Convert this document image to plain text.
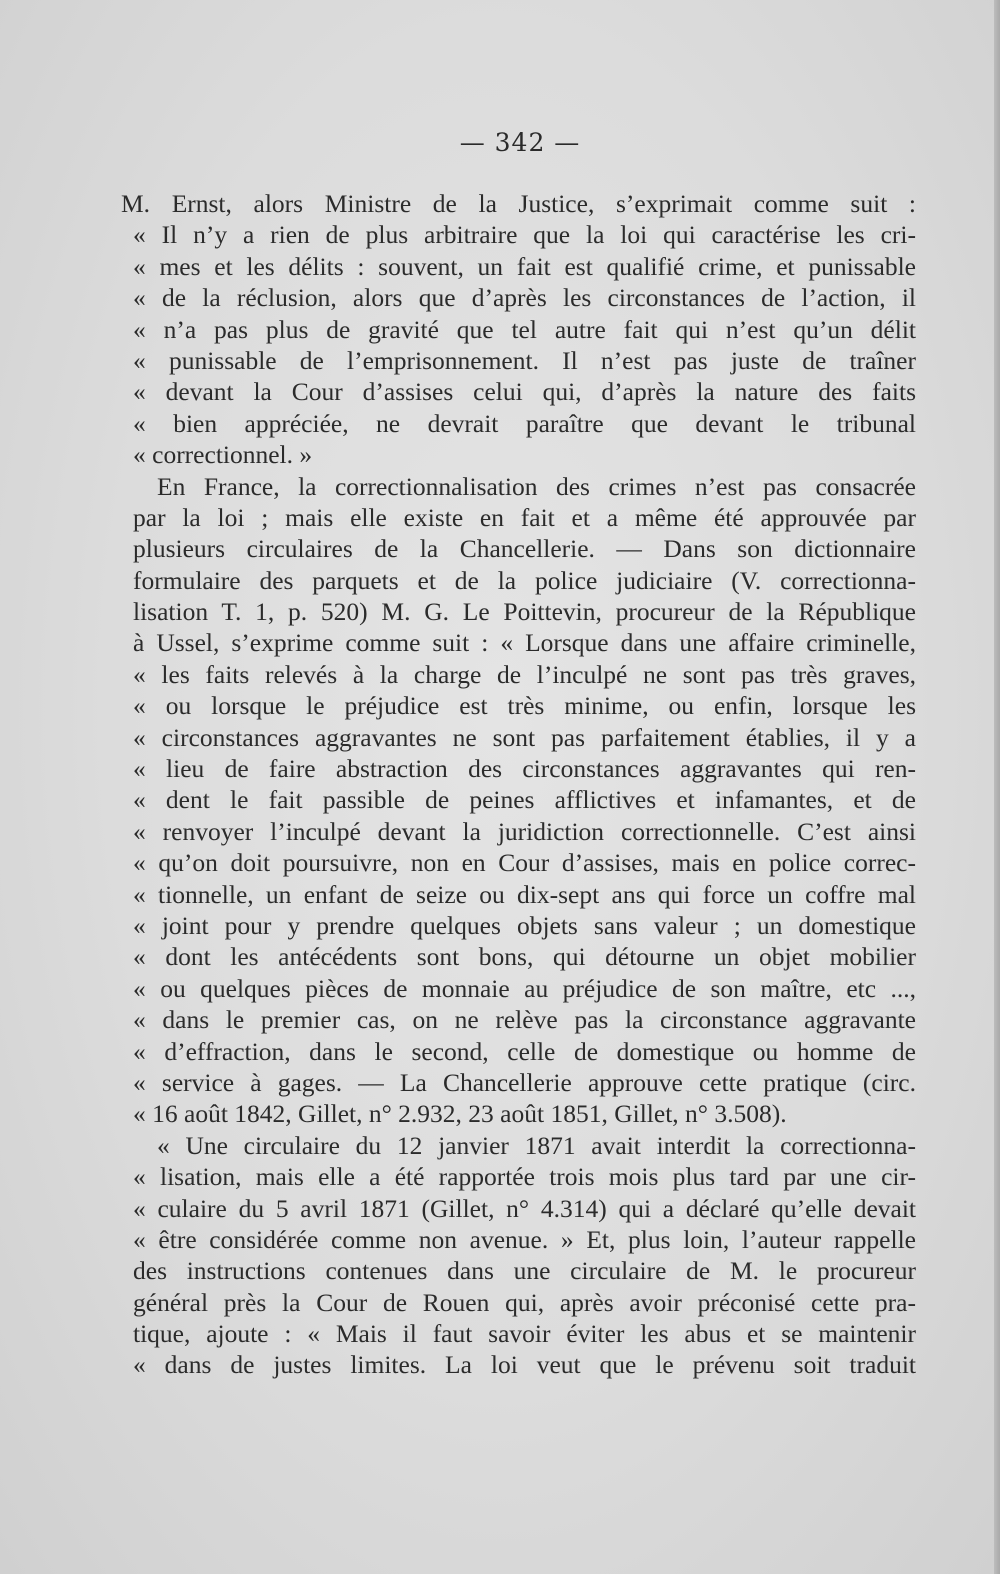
— 342 —
M. Ernst, alors Ministre de la Justice, s’exprimait comme suit :
« Il n’y a rien de plus arbitraire que la loi qui caractérise les cri-
« mes et les délits : souvent, un fait est qualifié crime, et punissable
« de la réclusion, alors que d’après les circonstances de l’action, il
« n’a pas plus de gravité que tel autre fait qui n’est qu’un délit
« punissable de l’emprisonnement. Il n’est pas juste de traîner
« devant la Cour d’assises celui qui, d’après la nature des faits
« bien appréciée, ne devrait paraître que devant le tribunal
« correctionnel. »
En France, la correctionnalisation des crimes n’est pas consacrée
par la loi ; mais elle existe en fait et a même été approuvée par
plusieurs circulaires de la Chancellerie. — Dans son dictionnaire
formulaire des parquets et de la police judiciaire (V. correctionna-
lisation T. 1, p. 520) M. G. Le Poittevin, procureur de la République
à Ussel, s’exprime comme suit : « Lorsque dans une affaire criminelle,
« les faits relevés à la charge de l’inculpé ne sont pas très graves,
« ou lorsque le préjudice est très minime, ou enfin, lorsque les
« circonstances aggravantes ne sont pas parfaitement établies, il y a
« lieu de faire abstraction des circonstances aggravantes qui ren-
« dent le fait passible de peines afflictives et infamantes, et de
« renvoyer l’inculpé devant la juridiction correctionnelle. C’est ainsi
« qu’on doit poursuivre, non en Cour d’assises, mais en police correc-
« tionnelle, un enfant de seize ou dix-sept ans qui force un coffre mal
« joint pour y prendre quelques objets sans valeur ; un domestique
« dont les antécédents sont bons, qui détourne un objet mobilier
« ou quelques pièces de monnaie au préjudice de son maître, etc ...,
« dans le premier cas, on ne relève pas la circonstance aggravante
« d’effraction, dans le second, celle de domestique ou homme de
« service à gages. — La Chancellerie approuve cette pratique (circ.
« 16 août 1842, Gillet, n° 2.932, 23 août 1851, Gillet, n° 3.508).
« Une circulaire du 12 janvier 1871 avait interdit la correctionna-
« lisation, mais elle a été rapportée trois mois plus tard par une cir-
« culaire du 5 avril 1871 (Gillet, n° 4.314) qui a déclaré qu’elle devait
« être considérée comme non avenue. » Et, plus loin, l’auteur rappelle
des instructions contenues dans une circulaire de M. le procureur
général près la Cour de Rouen qui, après avoir préconisé cette pra-
tique, ajoute : « Mais il faut savoir éviter les abus et se maintenir
« dans de justes limites. La loi veut que le prévenu soit traduit
